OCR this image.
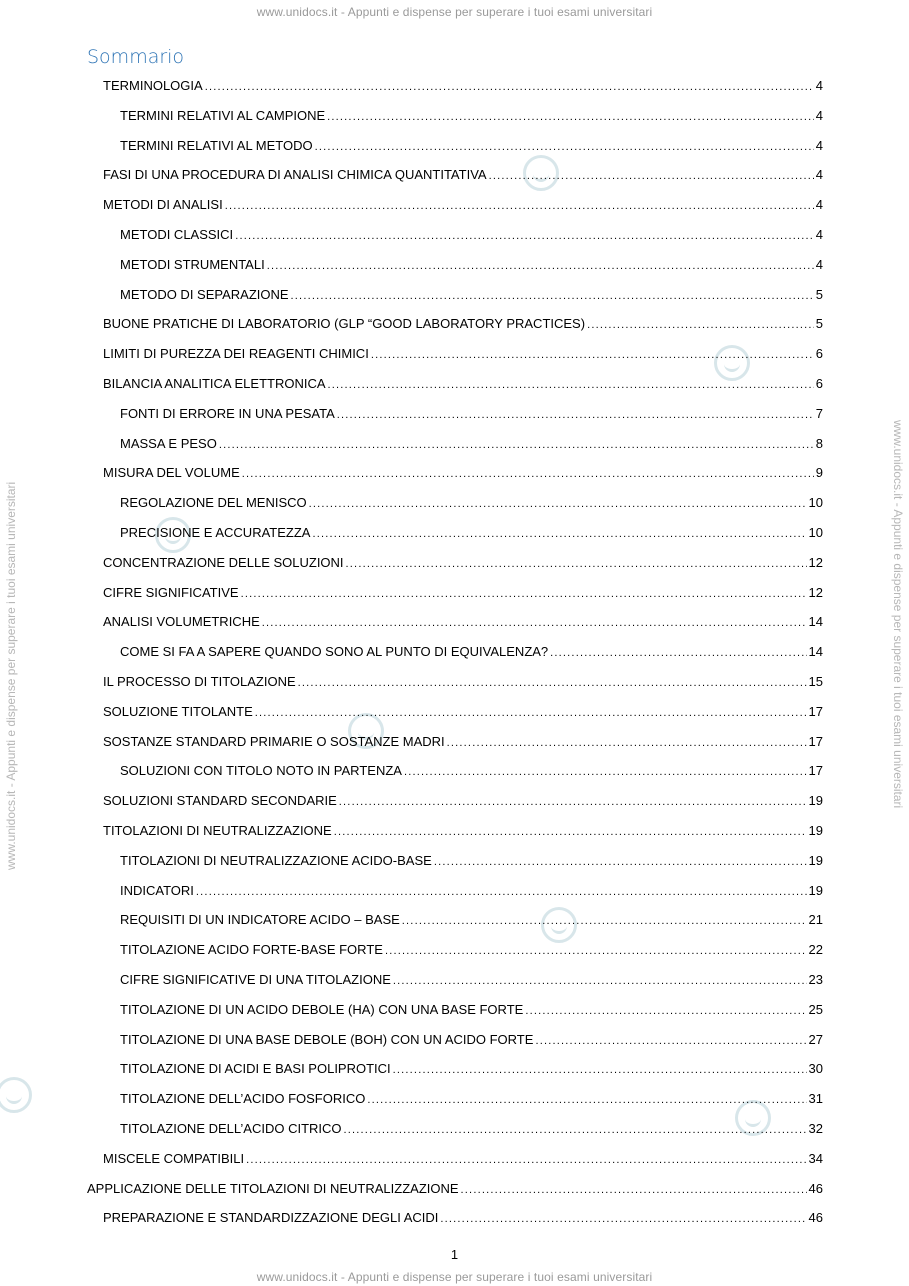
www.unidocs.it - Appunti e dispense per superare i tuoi esami universitari
www.unidocs.it - Appunti e dispense per superare i tuoi esami universitari	www.unidocs.it - Appunti e dispense per superare i tuoi esami universitari
Sommario
TERMINOLOGIA .....	4
TERMINI RELATIVI AL CAMPIONE .....	4
TERMINI RELATIVI AL METODO .....	4
FASI DI UNA PROCEDURA DI ANALISI CHIMICA QUANTITATIVA .....	4
METODI DI ANALISI .....	4
METODI CLASSICI .....	4
METODI STRUMENTALI .....	4
METODO DI SEPARAZIONE .....	5
BUONE PRATICHE DI LABORATORIO (GLP “GOOD LABORATORY PRACTICES) .....	5
LIMITI DI PUREZZA DEI REAGENTI CHIMICI .....	6
BILANCIA ANALITICA ELETTRONICA .....	6
FONTI DI ERRORE IN UNA PESATA .....	7
MASSA E PESO .....	8
MISURA DEL VOLUME .....	9
REGOLAZIONE DEL MENISCO .....	10
PRECISIONE E ACCURATEZZA .....	10
CONCENTRAZIONE DELLE SOLUZIONI .....	12
CIFRE SIGNIFICATIVE .....	12
ANALISI VOLUMETRICHE .....	14
COME SI FA A SAPERE QUANDO SONO AL PUNTO DI EQUIVALENZA? .....	14
IL PROCESSO DI TITOLAZIONE .....	15
SOLUZIONE TITOLANTE .....	17
SOSTANZE STANDARD PRIMARIE O SOSTANZE MADRI .....	17
SOLUZIONI CON TITOLO NOTO IN PARTENZA .....	17
SOLUZIONI STANDARD SECONDARIE .....	19
TITOLAZIONI DI NEUTRALIZZAZIONE .....	19
TITOLAZIONI DI NEUTRALIZZAZIONE ACIDO-BASE .....	19
INDICATORI .....	19
REQUISITI DI UN INDICATORE ACIDO – BASE .....	21
TITOLAZIONE ACIDO FORTE-BASE FORTE .....	22
CIFRE SIGNIFICATIVE DI UNA TITOLAZIONE .....	23
TITOLAZIONE DI UN ACIDO DEBOLE (HA) CON UNA BASE FORTE .....	25
TITOLAZIONE DI UNA BASE DEBOLE (BOH) CON UN ACIDO FORTE .....	27
TITOLAZIONE DI ACIDI E BASI POLIPROTICI .....	30
TITOLAZIONE DELL’ACIDO FOSFORICO .....	31
TITOLAZIONE DELL’ACIDO CITRICO .....	32
MISCELE COMPATIBILI .....	34
APPLICAZIONE DELLE TITOLAZIONI DI NEUTRALIZZAZIONE .....	46
PREPARAZIONE E STANDARDIZZAZIONE DEGLI ACIDI .....	46
1
www.unidocs.it - Appunti e dispense per superare i tuoi esami universitari
